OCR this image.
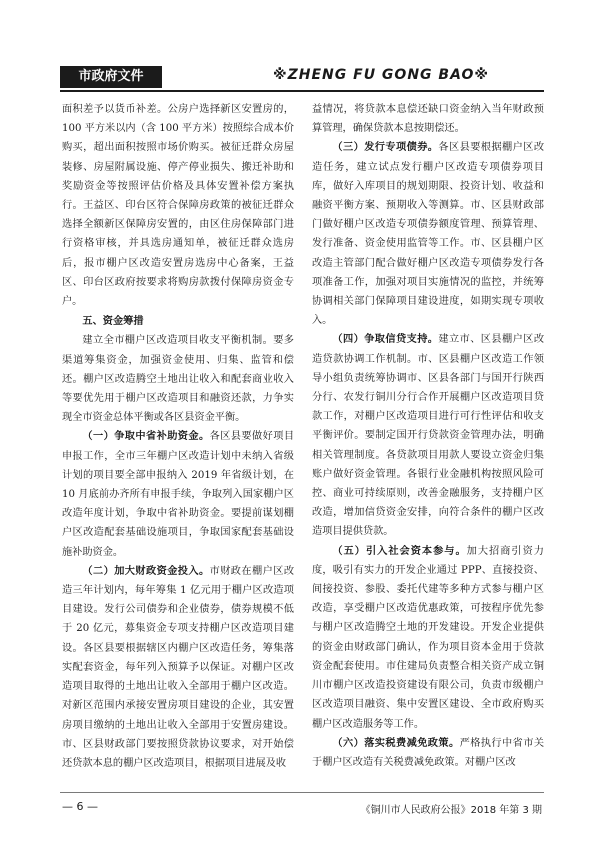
市政府文件	※ZHENG FU GONG BAO※

面积差予以货币补差。公房户选择新区安置房的，100 平方米以内（含 100 平方米）按照综合成本价购买，超出面积按照市场价购买。被征迁群众房屋装修、房屋附属设施、停产停业损失、搬迁补助和奖励资金等按照评估价格及具体安置补偿方案执行。王益区、印台区符合保障房政策的被征迁群众选择全额新区保障房安置的，由区住房保障部门进行资格审核，并具选房通知单，被征迁群众选房后，报市棚户区改造安置房选房中心备案，王益区、印台区政府按要求将购房款拨付保障房资金专户。

五、资金筹措

建立全市棚户区改造项目收支平衡机制。要多渠道筹集资金，加强资金使用、归集、监管和偿还。棚户区改造腾空土地出让收入和配套商业收入等要优先用于棚户区改造项目和融资还款，力争实现全市资金总体平衡或各区县资金平衡。

（一）争取中省补助资金。各区县要做好项目申报工作，全市三年棚户区改造计划中未纳入省级计划的项目要全部申报纳入 2019 年省级计划，在 10 月底前办齐所有申报手续，争取列入国家棚户区改造年度计划，争取中省补助资金。要提前谋划棚户区改造配套基础设施项目，争取国家配套基础设施补助资金。

（二）加大财政资金投入。市财政在棚户区改造三年计划内，每年筹集 1 亿元用于棚户区改造项目建设。发行公司债券和企业债券，债券规模不低于 20 亿元，募集资金专项支持棚户区改造项目建设。各区县要根据辖区内棚户区改造任务，筹集落实配套资金，每年列入预算予以保证。对棚户区改造项目取得的土地出让收入全部用于棚户区改造。对新区范围内承接安置房项目建设的企业，其安置房项目缴纳的土地出让收入全部用于安置房建设。市、区县财政部门要按照贷款协议要求，对开始偿还贷款本息的棚户区改造项目，根据项目进展及收

益情况，将贷款本息偿还缺口资金纳入当年财政预算管理，确保贷款本息按期偿还。

（三）发行专项债券。各区县要根据棚户区改造任务，建立试点发行棚户区改造专项债券项目库，做好入库项目的规划期限、投资计划、收益和融资平衡方案、预期收入等测算。市、区县财政部门做好棚户区改造专项债券额度管理、预算管理、发行准备、资金使用监管等工作。市、区县棚户区改造主管部门配合做好棚户区改造专项债券发行各项准备工作，加强对项目实施情况的监控，并统筹协调相关部门保障项目建设进度，如期实现专项收入。

（四）争取信贷支持。建立市、区县棚户区改造贷款协调工作机制。市、区县棚户区改造工作领导小组负责统筹协调市、区县各部门与国开行陕西分行、农发行铜川分行合作开展棚户区改造项目贷款工作，对棚户区改造项目进行可行性评估和收支平衡评价。要制定国开行贷款资金管理办法，明确相关管理制度。各贷款项目用款人要设立资金归集账户做好资金管理。各银行业金融机构按照风险可控、商业可持续原则，改善金融服务，支持棚户区改造，增加信贷资金安排，向符合条件的棚户区改造项目提供贷款。

（五）引入社会资本参与。加大招商引资力度，吸引有实力的开发企业通过 PPP、直接投资、间接投资、参股、委托代建等多种方式参与棚户区改造，享受棚户区改造优惠政策，可按程序优先参与棚户区改造腾空土地的开发建设。开发企业提供的资金由财政部门确认，作为项目资本金用于贷款资金配套使用。市住建局负责整合相关资产成立铜川市棚户区改造投资建设有限公司，负责市级棚户区改造项目融资、集中安置区建设、全市政府购买棚户区改造服务等工作。

（六）落实税费减免政策。严格执行中省市关于棚户区改造有关税费减免政策。对棚户区改

— 6 —	《铜川市人民政府公报》2018 年第 3 期
